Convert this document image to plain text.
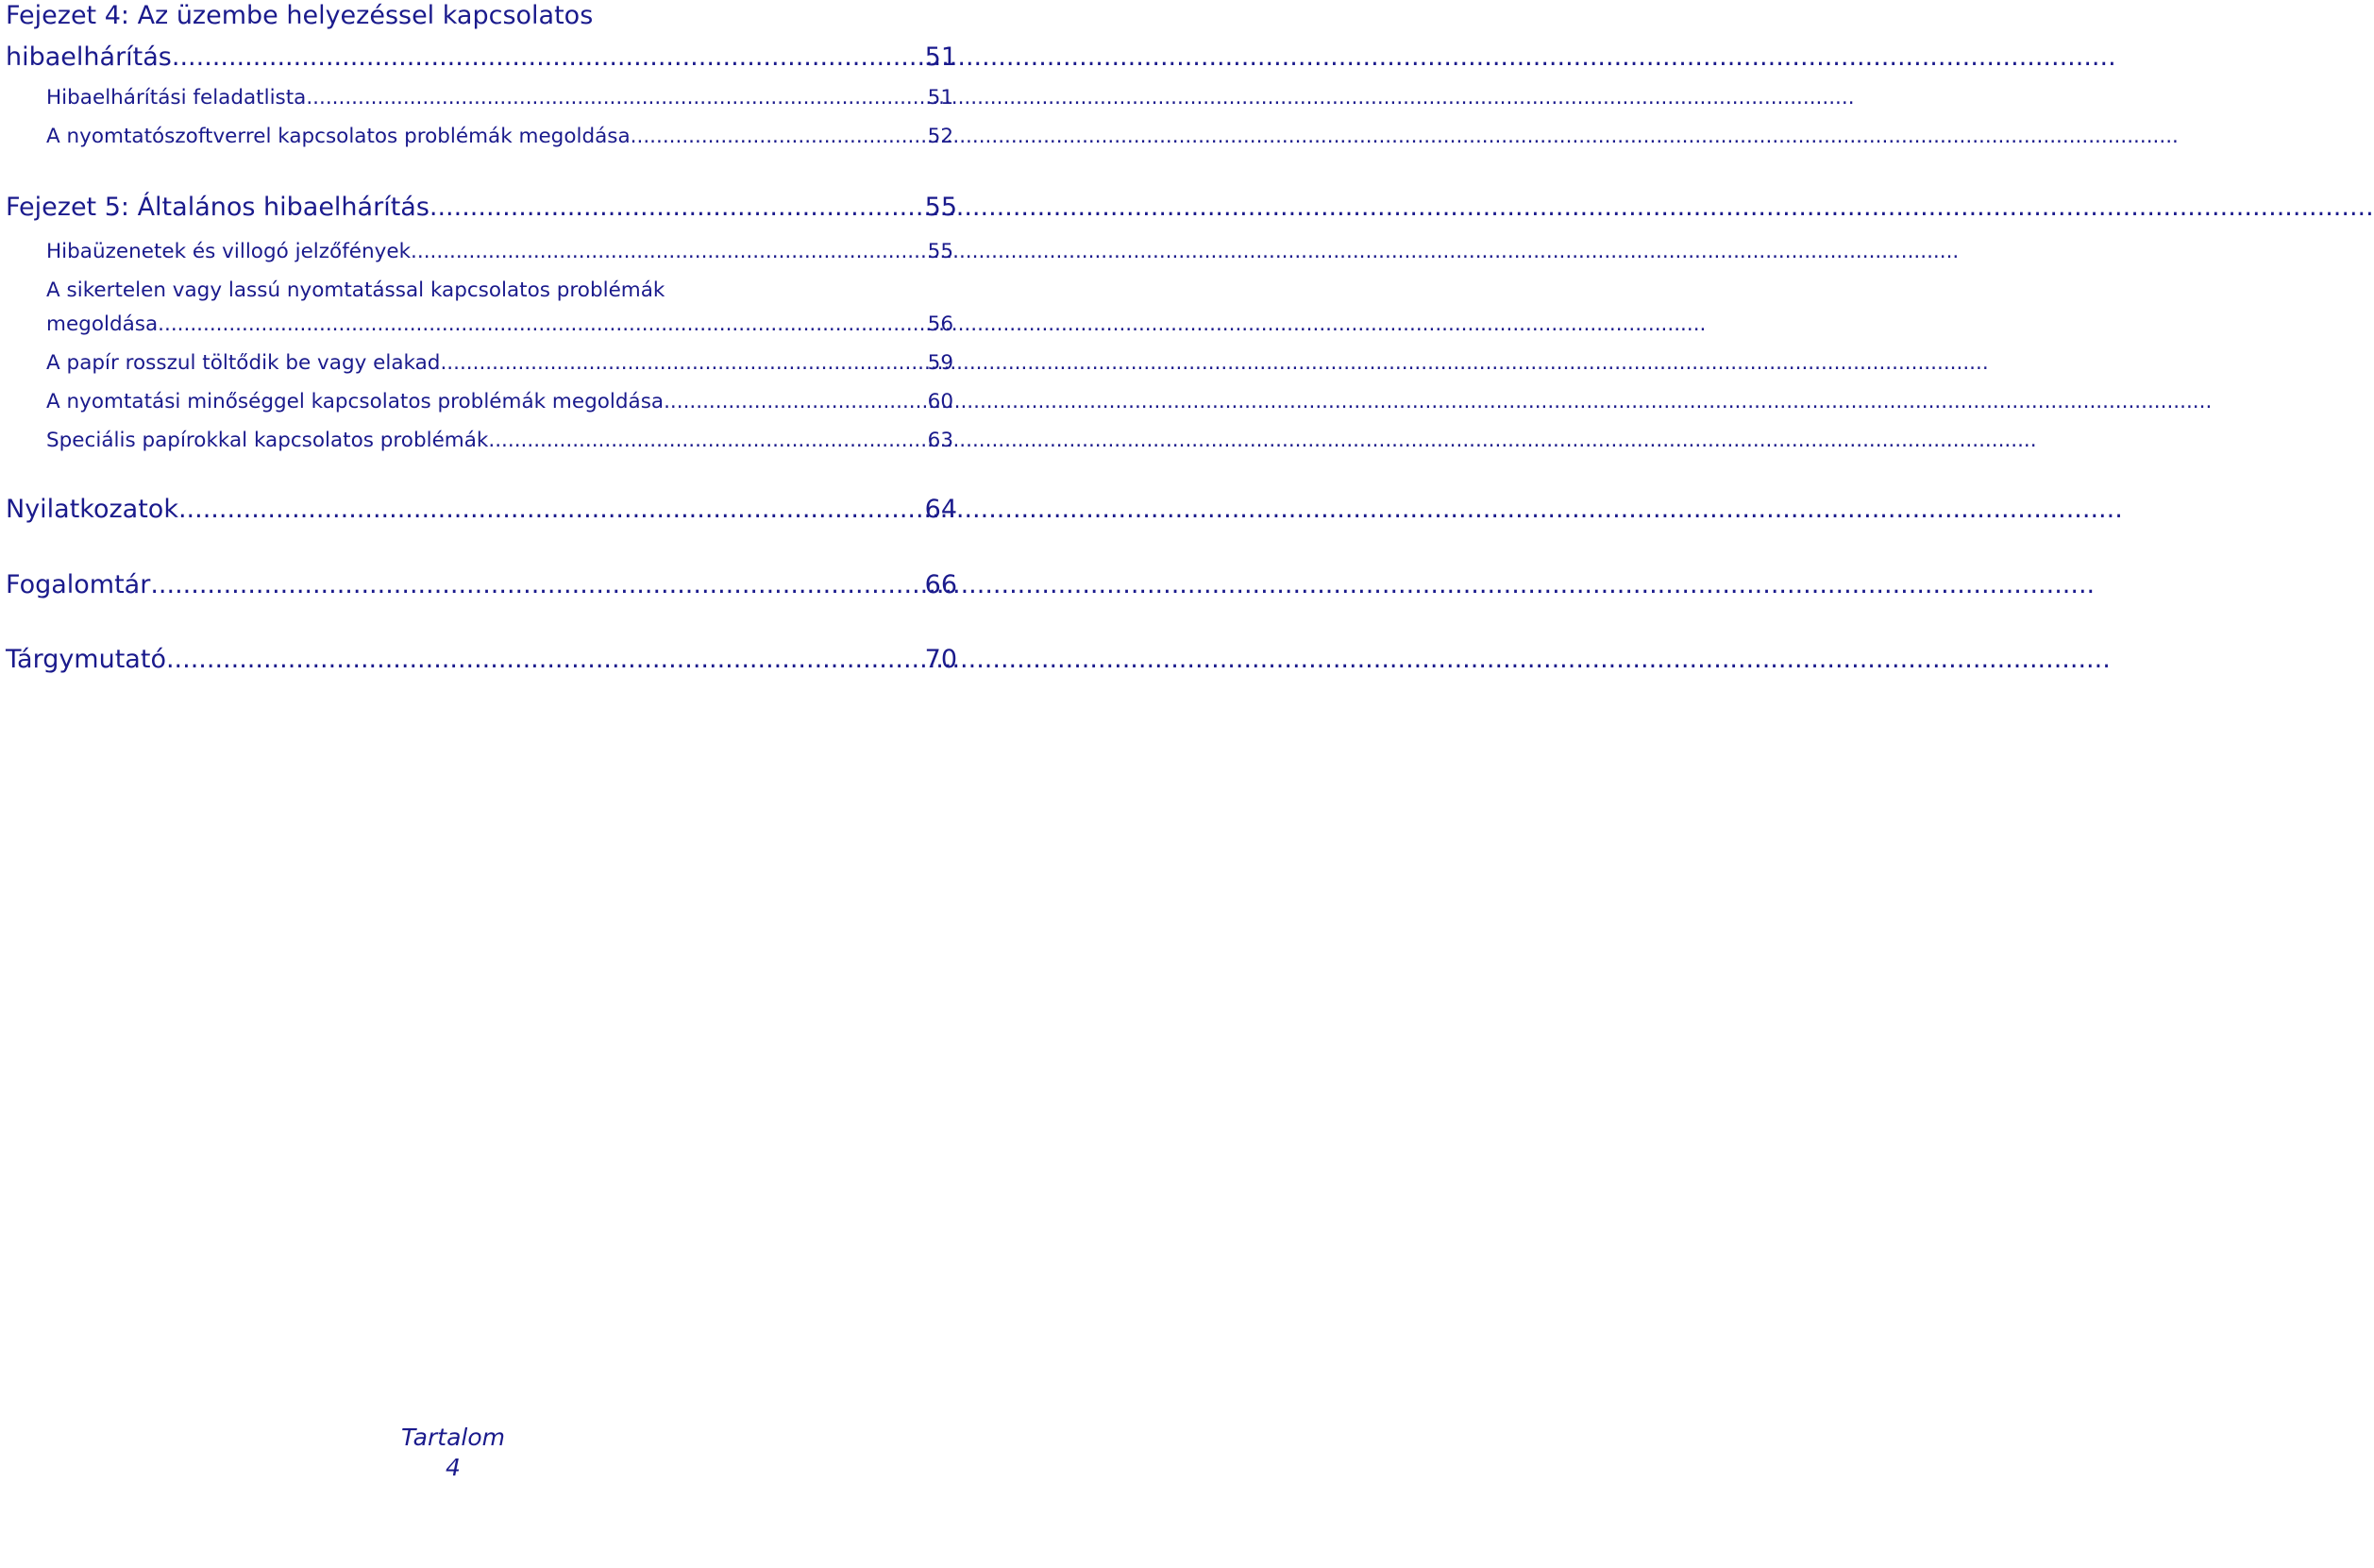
Fejezet 4: Az üzembe helyezéssel kapcsolatos
hibaelhárítás .....	51
Hibaelhárítási feladatlista .....	51
A nyomtatószoftverrel kapcsolatos problémák megoldása .....	52
Fejezet 5: Általános hibaelhárítás .....	55
Hibaüzenetek és villogó jelzőfények .....	55
A sikertelen vagy lassú nyomtatással kapcsolatos problémák
megoldása .....	56
A papír rosszul töltődik be vagy elakad .....	59
A nyomtatási minőséggel kapcsolatos problémák megoldása .....	60
Speciális papírokkal kapcsolatos problémák .....	63
Nyilatkozatok .....	64
Fogalomtár .....	66
Tárgymutató .....	70
Tartalom
4
